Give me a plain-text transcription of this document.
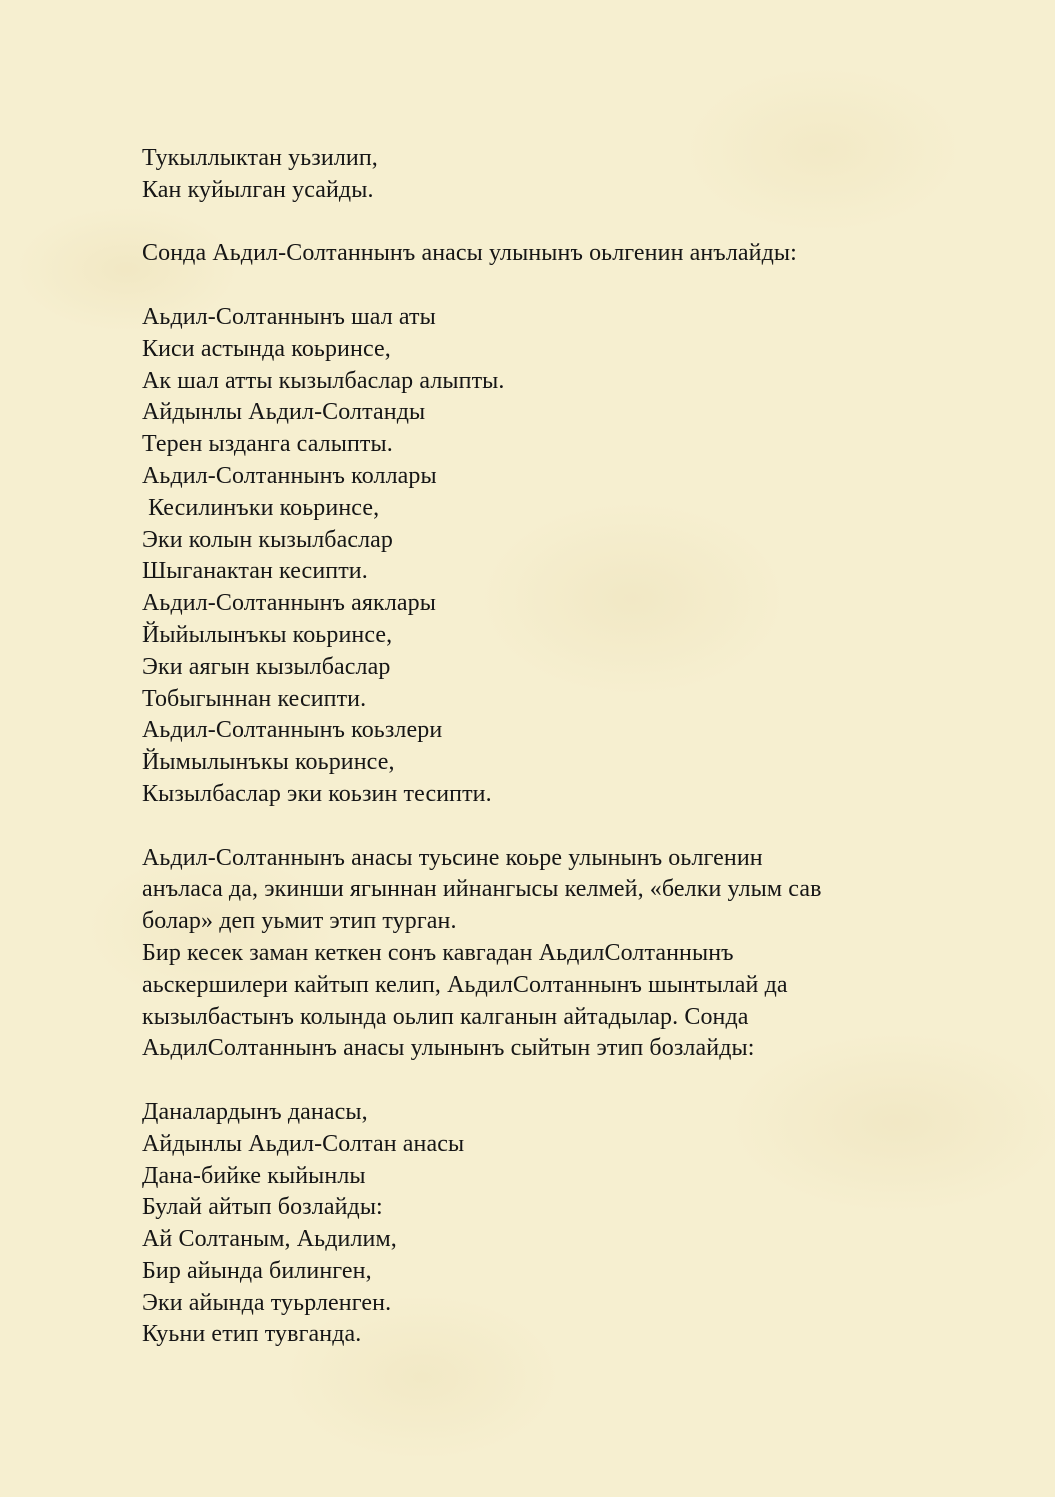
Тукыллыктан уьзилип,
Кан куйылган усайды.
Сонда Аьдил-Солтаннынъ анасы улынынъ оьлгенин анълайды:
Аьдил-Солтаннынъ шал аты
Киси астында коьринсе,
Ак шал атты кызылбаслар алыпты.
Айдынлы Аьдил-Солтанды
Терен ызданга салыпты.
Аьдил-Солтаннынъ коллары
Кесилинъки коьринсе,
Эки колын кызылбаслар
Шыганактан кесипти.
Аьдил-Солтаннынъ аяклары
Йыйылынъкы коьринсе,
Эки аягын кызылбаслар
Тобыгыннан кесипти.
Аьдил-Солтаннынъ коьзлери
Йымылынъкы коьринсе,
Кызылбаслар эки коьзин тесипти.
Аьдил-Солтаннынъ анасы туьсине коьре улынынъ оьлгенин
анъласа да, экинши ягыннан ийнангысы келмей, «белки улым сав
болар» деп уьмит этип турган.
Бир кесек заман кеткен сонъ кавгадан АьдилСолтаннынъ
аьскершилери кайтып келип, АьдилСолтаннынъ шынтылай да
кызылбастынъ колында оьлип калганын айтадылар. Сонда
АьдилСолтаннынъ анасы улынынъ сыйтын этип бозлайды:
Даналардынъ данасы,
Айдынлы Аьдил-Солтан анасы
Дана-бийке кыйынлы
Булай айтып бозлайды:
Ай Солтаным, Аьдилим,
Бир айында билинген,
Эки айында туьрленген.
Куьни етип тувганда.
